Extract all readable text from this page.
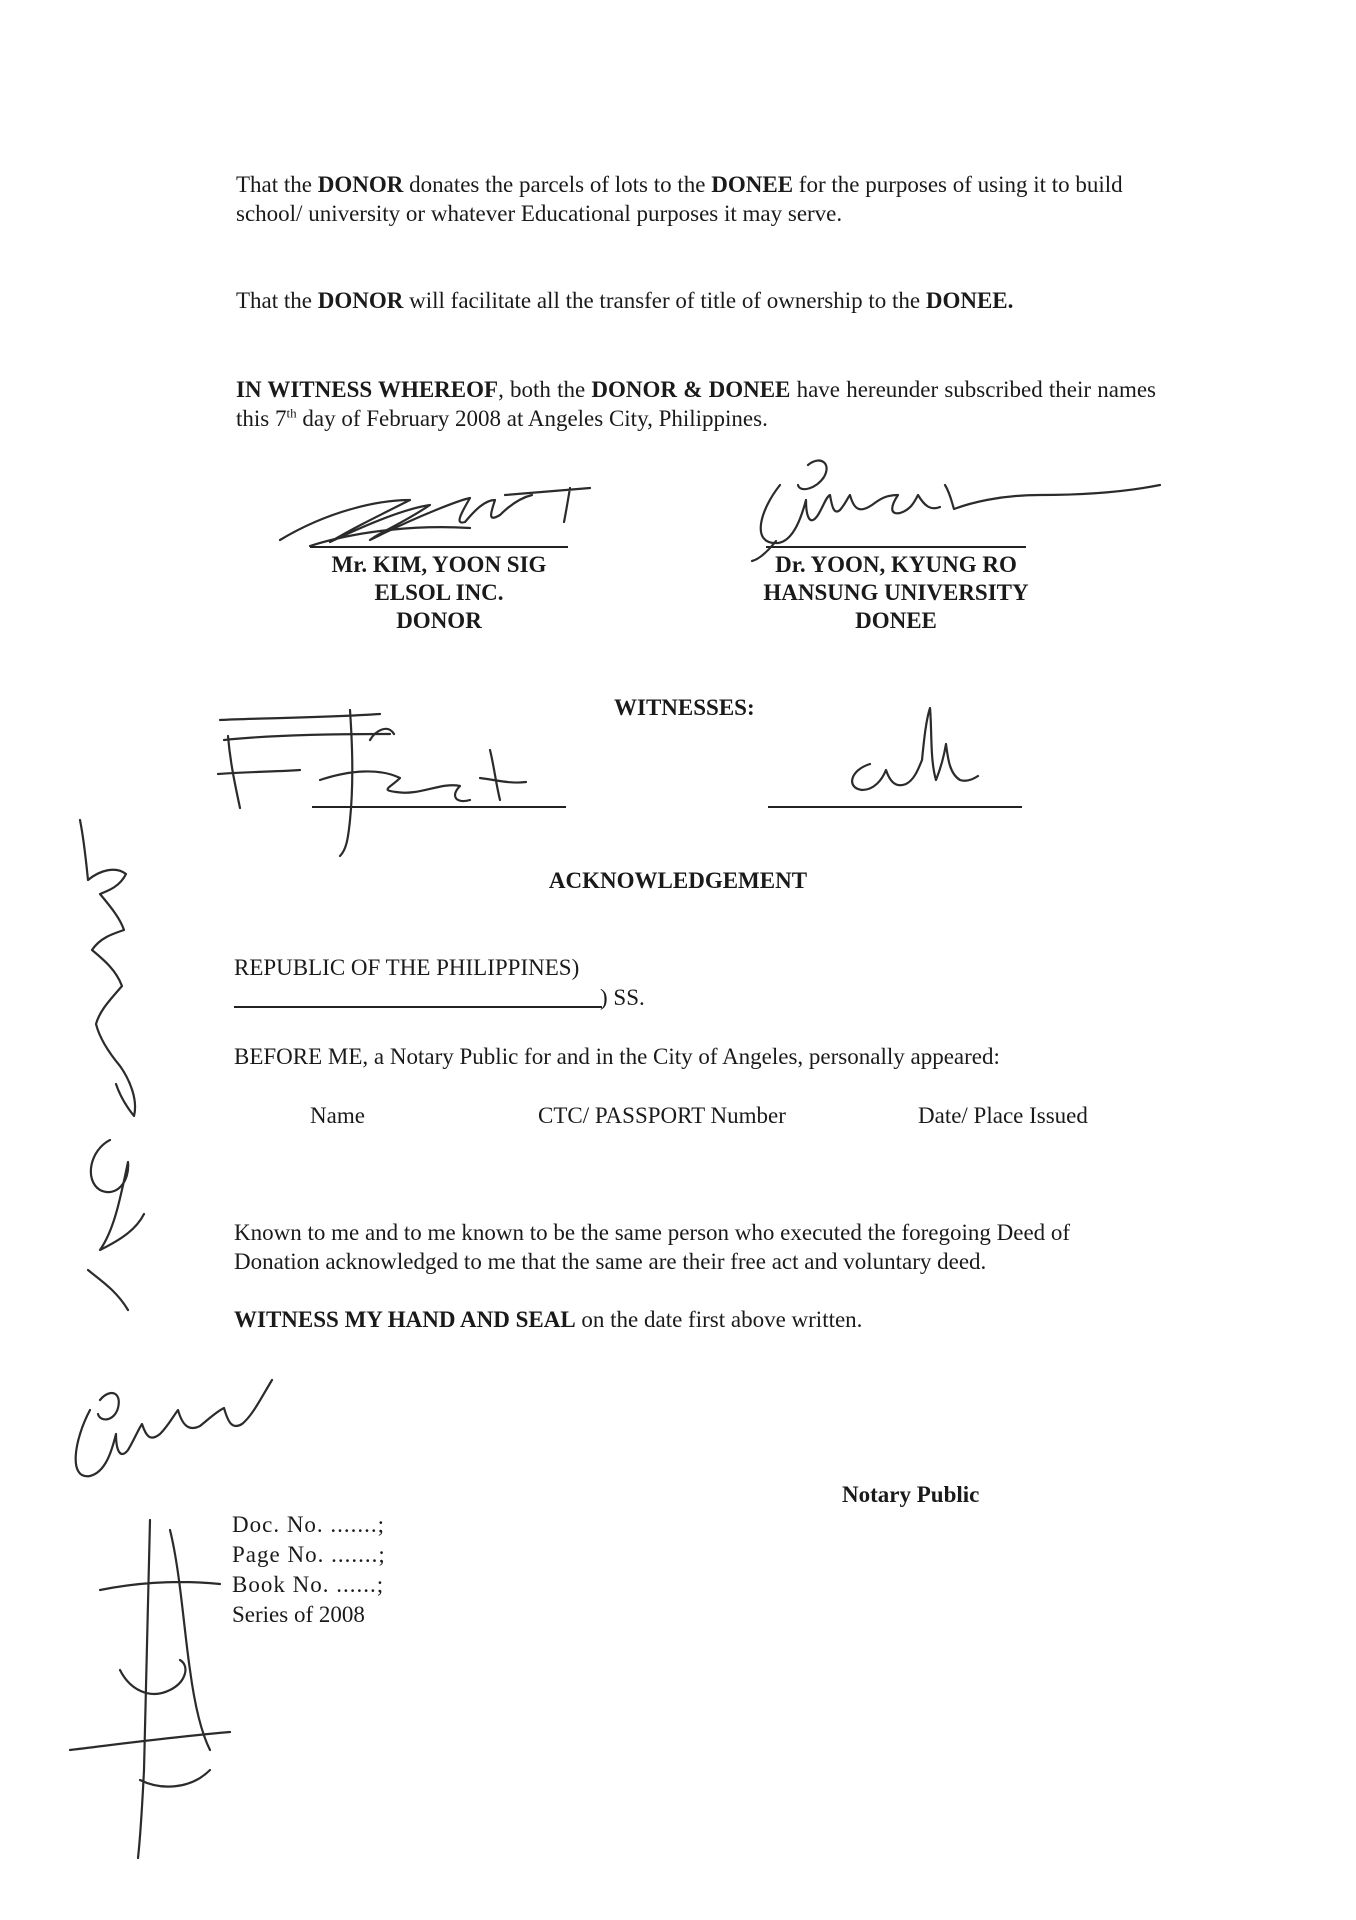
That the DONOR donates the parcels of lots to the DONEE for the purposes of using it to build school/ university or whatever Educational purposes it may serve.

That the DONOR will facilitate all the transfer of title of ownership to the DONEE.

IN WITNESS WHEREOF, both the DONOR & DONEE have hereunder subscribed their names this 7th day of February 2008 at Angeles City, Philippines.

Mr. KIM, YOON SIG
ELSOL INC.
DONOR
Dr. YOON, KYUNG RO
HANSUNG UNIVERSITY
DONEE
WITNESSES:
ACKNOWLEDGEMENT
REPUBLIC OF THE PHILIPPINES)
) SS.
BEFORE ME, a Notary Public for and in the City of Angeles, personally appeared:
Name	CTC/ PASSPORT Number	Date/ Place Issued

Known to me and to me known to be the same person who executed the foregoing Deed of Donation acknowledged to me that the same are their free act and voluntary deed.

WITNESS MY HAND AND SEAL on the date first above written.
Notary Public
Doc. No. .......;
Page No. .......;
Book No. ......;
Series of 2008
